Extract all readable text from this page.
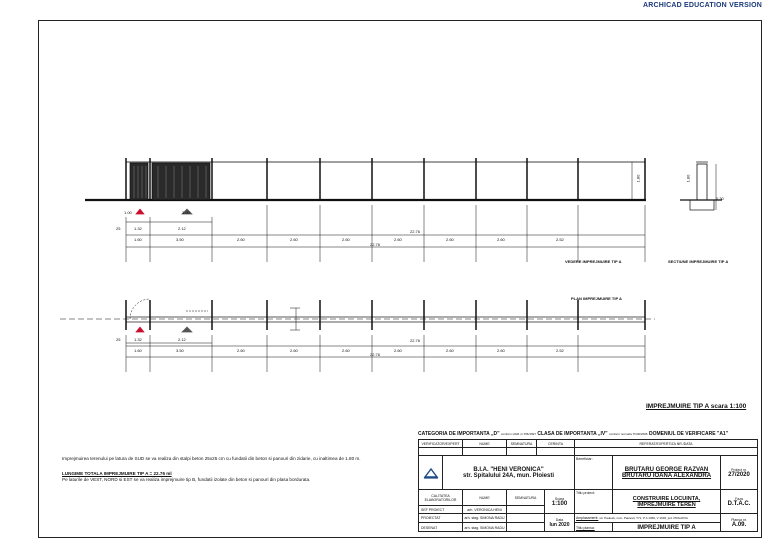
ARCHICAD EDUCATION VERSION
1.00	3.00
25	1.32	2.12
22.76
1.60	3.50	2.60	2.60	2.60	2.60	2.60	2.60	2.52
22.76
1.80	1.80
0.30
VEDERE IMPREJMUIRE TIP A	SECTIUNE IMPREJMUIRE TIP A
PLAN IMPREJMUIRE TIP A
25	1.32	2.12	22.76
1.60	3.50	2.60	2.60	2.60	2.60	2.60	2.60	2.52
22.76
IMPREJMUIRE TIP A scara 1:100

Imprejmuirea terenului pe latura de SUD se va realiza din stalpi beton 25x25 cm cu fundatii din beton si panouri din zidarie, cu inaltimea de 1.80 m.

LUNGIME TOTALA IMPREJMUIRE TIP A = 22.76 ml

Pe laturile de VEST, NORD si EST se va realiza imprejmuire tip B, fundatii izolate din beton si panouri din plasa bordurata.

CATEGORIA DE IMPORTANTA „D” conform HGR nr.766/1997 CLASA DE IMPORTANTA „IV” conform normativ P100/2006 DOMENIUL DE VERIFICARE "A1"
VERIFICATOR/EXPERT	NUME	SEMNATURA	CERINTA	REFERAT/EXPERTIZA NR./DATA
B.I.A. "HENI VERONICA"
str. Spitalului 24A, mun. Ploiesti
Beneficiar:
BRUTARU GEORGE RAZVAN
BRUTARU IOANA ALEXANDRA
Proiect nr.
27/2020
CALITATEA ELABORATORILOR	NUME	SEMNATURA	Scara
1:100
Titlu proiect:
CONSTRUIRE LOCUINTA,
IMPREJMUIRE TEREN
Faza
D.T.A.C.
SEF PROIECT	arh. VERONICA HENI
PROIECTAT	arh. stag. SIMONA RADU	Data
Iun 2020
Amplasament:
str. Paulesti, com. Paulesti, T71, P A 1069, V 1636, jud. PRAHOVA	Plansa nr.
A.09.
DESENAT	arh. stag. SIMONA RADU	Titlu plansa:	IMPREJMUIRE TIP A
